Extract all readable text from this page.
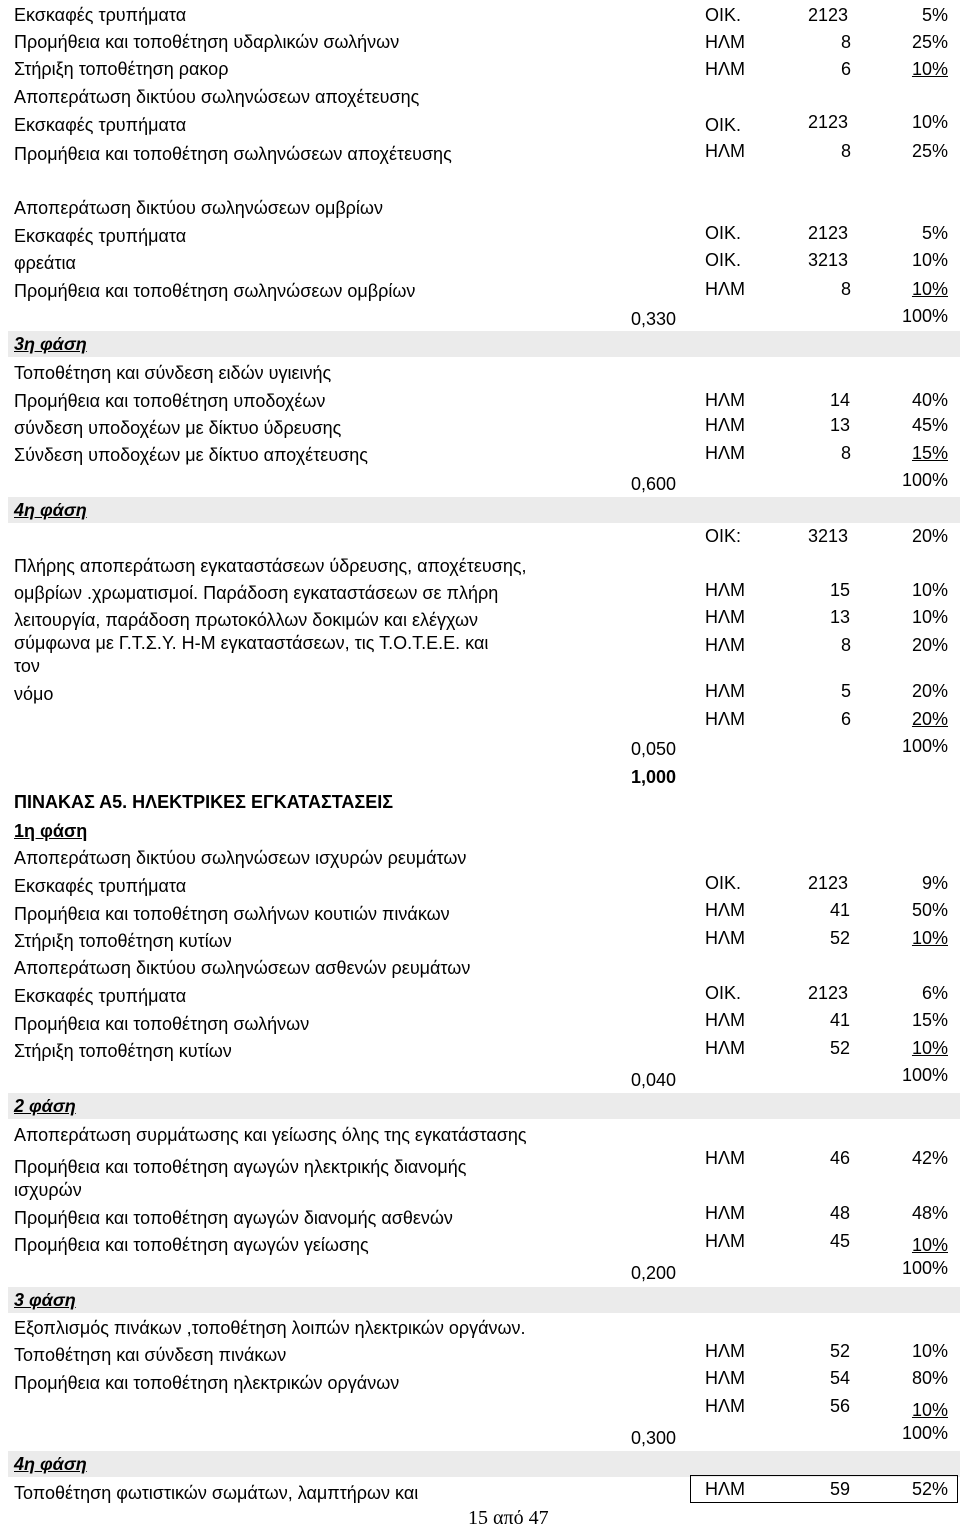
Εκσκαφές τρυπήματα
Προμήθεια και τοποθέτηση υδαρλικών σωλήνων
Στήριξη τοποθέτηση ρακορ
Αποπεράτωση δικτύου σωληνώσεων αποχέτευσης
Εκσκαφές τρυπήματα
Προμήθεια και τοποθέτηση σωληνώσεων αποχέτευσης
Αποπεράτωση δικτύου σωληνώσεων ομβρίων
Εκσκαφές τρυπήματα
φρεάτια
Προμήθεια και τοποθέτηση σωληνώσεων ομβρίων
3η φάση
Τοποθέτηση και σύνδεση ειδών υγιεινής
Προμήθεια και τοποθέτηση υποδοχέων
σύνδεση υποδοχέων με δίκτυο ύδρευσης
Σύνδεση υποδοχέων με δίκτυο αποχέτευσης
4η φάση
Πλήρης αποπεράτωση εγκαταστάσεων ύδρευσης, αποχέτευσης,
ομβρίων .χρωματισμοί. Παράδοση εγκαταστάσεων σε πλήρη
λειτουργία, παράδοση πρωτοκόλλων δοκιμών και ελέγχων
σύμφωνα με Γ.Τ.Σ.Υ. Η-Μ εγκαταστάσεων, τις Τ.Ο.Τ.Ε.Ε. και
τον
νόμο
ΠΙΝΑΚΑΣ Α5. ΗΛΕΚΤΡΙΚΕΣ ΕΓΚΑΤΑΣΤΑΣΕΙΣ
1η φάση
Αποπεράτωση δικτύου σωληνώσεων ισχυρών ρευμάτων
Εκσκαφές τρυπήματα
Προμήθεια και τοποθέτηση σωλήνων κουτιών πινάκων
Στήριξη τοποθέτηση κυτίων
Αποπεράτωση δικτύου σωληνώσεων ασθενών ρευμάτων
Εκσκαφές τρυπήματα
Προμήθεια και τοποθέτηση σωλήνων
Στήριξη τοποθέτηση κυτίων
2 φάση
Αποπεράτωση συρμάτωσης και γείωσης όλης της εγκατάστασης
Προμήθεια και τοποθέτηση αγωγών ηλεκτρικής διανομής
ισχυρών
Προμήθεια και τοποθέτηση αγωγών διανομής ασθενών
Προμήθεια και τοποθέτηση αγωγών γείωσης
3 φάση
Εξοπλισμός πινάκων ,τοποθέτηση λοιπών ηλεκτρικών οργάνων.
Τοποθέτηση και σύνδεση πινάκων
Προμήθεια και τοποθέτηση ηλεκτρικών οργάνων
4η φάση
Τοποθέτηση φωτιστικών σωμάτων, λαμπτήρων και
0,330
0,600
0,050
1,000
0,040
0,200
0,300
ΟΙΚ.
ΗΛΜ
ΗΛΜ
ΟΙΚ.
ΗΛΜ
ΟΙΚ.
ΟΙΚ.
ΗΛΜ
ΗΛΜ
ΗΛΜ
ΗΛΜ
ΟΙΚ:
ΗΛΜ
ΗΛΜ
ΗΛΜ
ΗΛΜ
ΗΛΜ
ΟΙΚ.
ΗΛΜ
ΗΛΜ
ΟΙΚ.
ΗΛΜ
ΗΛΜ
ΗΛΜ
ΗΛΜ
ΗΛΜ
ΗΛΜ
ΗΛΜ
ΗΛΜ
ΗΛΜ
2123
8
6
2123
8
2123
3213
8
14
13
8
3213
15
13
8
5
6
2123
41
52
2123
41
52
46
48
45
52
54
56
59
5%
25%
10%
10%
25%
5%
10%
10%
100%
40%
45%
15%
100%
20%
10%
10%
20%
20%
20%
100%
9%
50%
10%
6%
15%
10%
100%
42%
48%
10%
100%
10%
80%
10%
100%
52%
15 από 47
